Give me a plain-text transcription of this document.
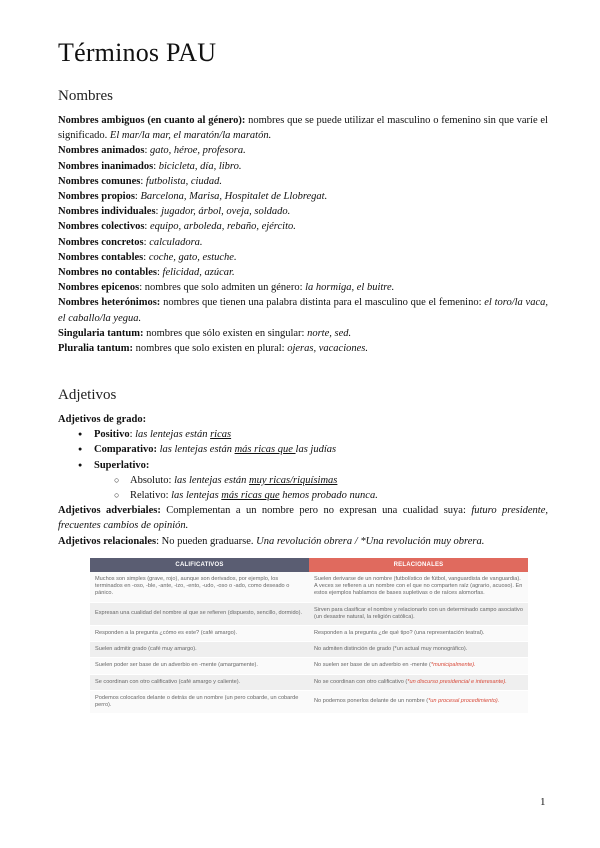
Términos PAU
Nombres

Nombres ambiguos (en cuanto al género): nombres que se puede utilizar el masculino o femenino sin que varíe el significado. El mar/la mar, el maratón/la maratón.

Nombres animados: gato, héroe, profesora.

Nombres inanimados: bicicleta, día, libro.

Nombres comunes: futbolista, ciudad.

Nombres propios: Barcelona, Marisa, Hospitalet de Llobregat.

Nombres individuales: jugador, árbol, oveja, soldado.

Nombres colectivos: equipo, arboleda, rebaño, ejército.

Nombres concretos: calculadora.

Nombres contables: coche, gato, estuche.

Nombres no contables: felicidad, azúcar.

Nombres epicenos: nombres que solo admiten un género: la hormiga, el buitre.

Nombres heterónimos: nombres que tienen una palabra distinta para el masculino que el femenino: el toro/la vaca, el caballo/la yegua.

Singularia tantum: nombres que sólo existen en singular: norte, sed.

Pluralia tantum: nombres que solo existen en plural: ojeras, vacaciones.

Adjetivos

Adjetivos de grado:

● Positivo: las lentejas están ricas
● Comparativo: las lentejas están más ricas que las judías
● Superlativo:
○ Absoluto: las lentejas están muy ricas/riquísimas
○ Relativo: las lentejas más ricas que hemos probado nunca.

Adjetivos adverbiales: Complementan a un nombre pero no expresan una cualidad suya: futuro presidente, frecuentes cambios de opinión.

Adjetivos relacionales: No pueden graduarse. Una revolución obrera / *Una revolución muy obrera.

CALIFICATIVOS	RELACIONALES
Muchos son simples (grave, rojo), aunque son derivados, por ejemplo, los terminados en -oso, -ble, -ante, -izo, -ento, -udo, -oso o -ado, como deseado o pánico.	Suelen derivarse de un nombre (futbolístico de fútbol, vanguardista de vanguardia). A veces se refieren a un nombre con el que no comparten raíz (agrario, acuoso). En estos ejemplos hablamos de bases supletivas o de raíces alomorfas.
Expresan una cualidad del nombre al que se refieren (dispuesto, sencillo, dormido).	Sirven para clasificar el nombre y relacionarlo con un determinado campo asociativo (un desastre natural, la religión católica).
Responden a la pregunta ¿cómo es este? (café amargo).	Responden a la pregunta ¿de qué tipo? (una representación teatral).
Suelen admitir grado (café muy amargo).	No admiten distinción de grado (*un actual muy monográfico).
Suelen poder ser base de un adverbio en -mente (amargamente).	No suelen ser base de un adverbio en -mente (*municipalmente).
Se coordinan con otro calificativo (café amargo y caliente).	No se coordinan con otro calificativo (*un discurso presidencial e interesante).
Podemos colocarlos delante o detrás de un nombre (un pero cobarde, un cobarde perro).	No podemos ponerlos delante de un nombre (*un procesal procedimiento).
1
